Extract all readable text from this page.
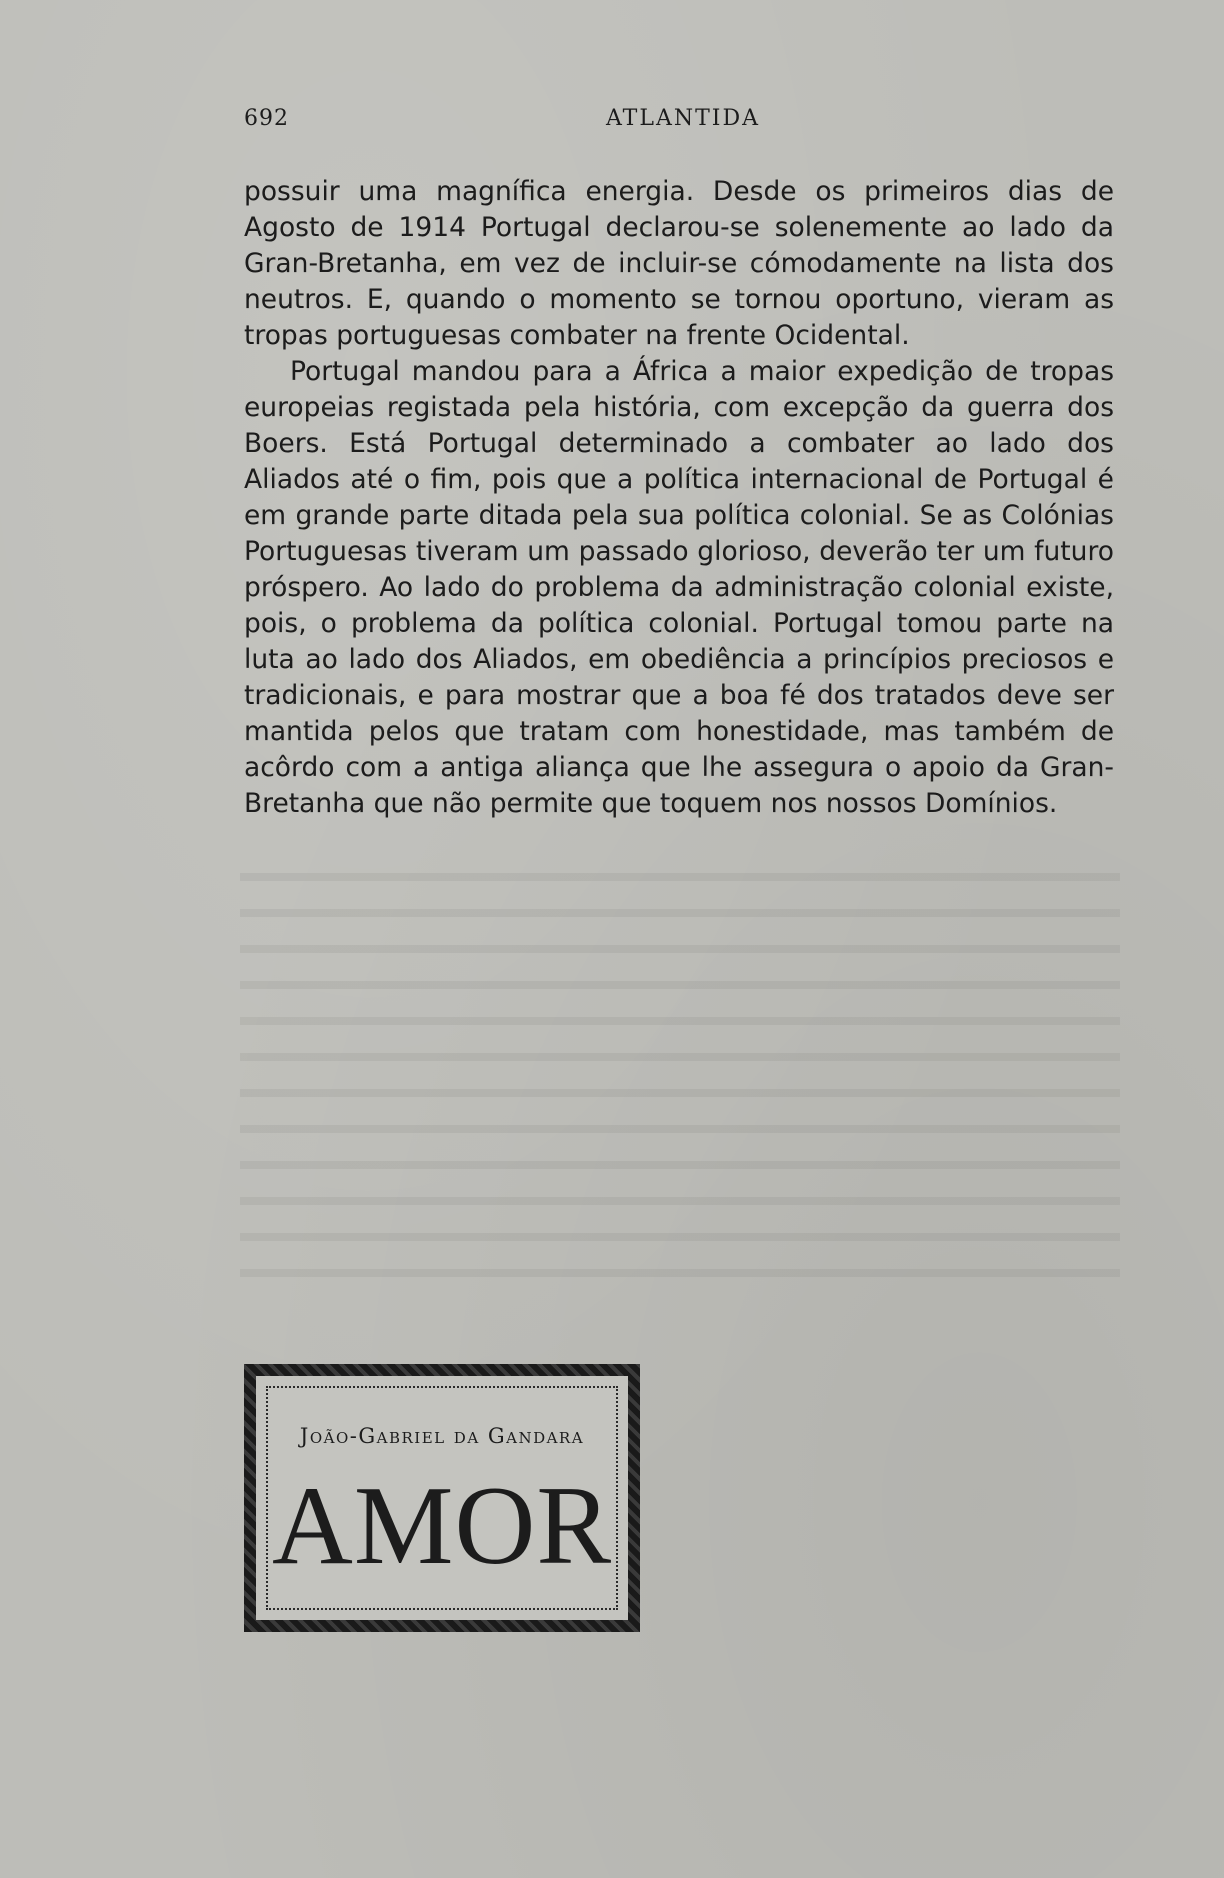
692	ATLANTIDA

possuir uma magnífica energia. Desde os primeiros dias de Agosto de 1914 Portugal declarou-se solenemente ao lado da Gran-Bretanha, em vez de incluir-se cómodamente na lista dos neutros. E, quando o momento se tornou oportuno, vieram as tropas portuguesas combater na frente Ocidental.

Portugal mandou para a África a maior expedição de tropas europeias registada pela história, com excepção da guerra dos Boers. Está Portugal determinado a combater ao lado dos Aliados até o fim, pois que a política internacional de Portugal é em grande parte ditada pela sua política colonial. Se as Colónias Portuguesas tiveram um passado glorioso, deverão ter um futuro próspero. Ao lado do problema da administração colonial existe, pois, o problema da política colonial. Portugal tomou parte na luta ao lado dos Aliados, em obediência a princípios preciosos e tradicionais, e para mostrar que a boa fé dos tratados deve ser mantida pelos que tratam com honestidade, mas também de acôrdo com a antiga aliança que lhe assegura o apoio da Gran-Bretanha que não permite que toquem nos nossos Domínios.

João-Gabriel da Gandara
AMOR
